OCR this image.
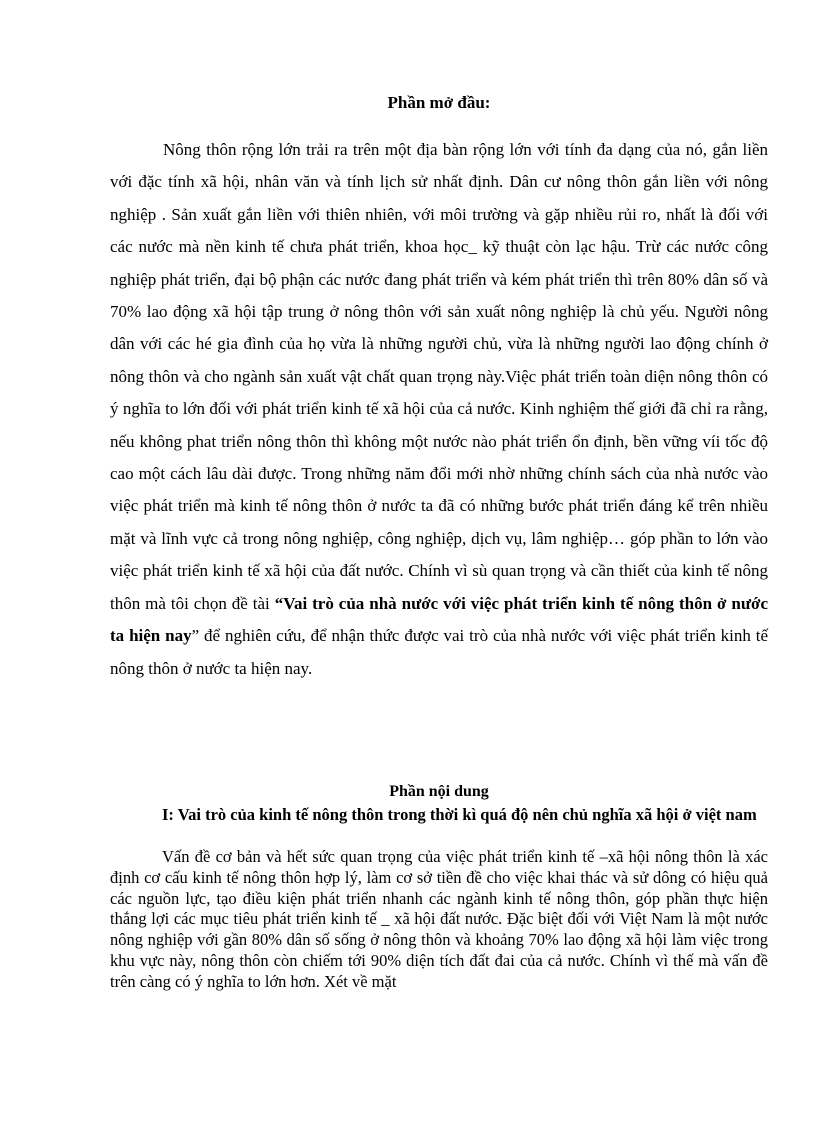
Phần mở đầu:

Nông thôn rộng lớn trải ra trên một địa bàn rộng lớn với tính đa dạng của nó, gắn liền với đặc tính xã hội, nhân văn và tính lịch sử nhất định. Dân cư nông thôn gắn liền với nông nghiệp . Sản xuất gắn liền với thiên nhiên, với môi trường và gặp nhiều rủi ro, nhất là đối với các nước mà nền kinh tế chưa phát triển, khoa học_ kỹ thuật còn lạc hậu. Trừ các nước công nghiệp phát triển, đại bộ phận các nước đang phát triển và kém phát triển thì trên 80% dân số và 70% lao động xã hội tập trung ở nông thôn với sản xuất nông nghiệp là chủ yếu. Người nông dân với các hé gia đình của họ vừa là những người chủ, vừa là những người lao động chính ở nông thôn và cho ngành sản xuất vật chất quan trọng này.Việc phát triển toàn diện nông thôn có ý nghĩa to lớn đối với phát triển kinh tế xã hội của cả nước. Kinh nghiệm thế giới đã chỉ ra rằng, nếu không phat triển nông thôn thì không một nước nào phát triển ổn định, bền vững víi tốc độ cao một cách lâu dài được. Trong những năm đổi mới nhờ những chính sách của nhà nước vào việc phát triển mà kinh tế nông thôn ở nước ta đã có những bước phát triển đáng kể trên nhiều mặt và lĩnh vực cả trong nông nghiệp, công nghiệp, dịch vụ, lâm nghiệp… góp phần to lớn vào việc phát triển kinh tế xã hội của đất nước. Chính vì sù quan trọng và cần thiết của kinh tế nông thôn mà tôi chọn đề tài “Vai trò của nhà nước với việc phát triển kinh tế nông thôn ở nước ta hiện nay” để nghiên cứu, để nhận thức được vai trò của nhà nước với việc phát triển kinh tế nông thôn ở nước ta hiện nay.

Phần nội dung
I: Vai trò của kinh tế nông thôn trong thời kì quá độ nên chủ nghĩa xã hội ở việt nam

Vấn đề cơ bản và hết sức quan trọng của việc phát triển kinh tế –xã hội nông thôn là xác định cơ cấu kinh tế nông thôn hợp lý, làm cơ sở tiền đề cho việc khai thác và sử dông có hiệu quả các nguồn lực, tạo điều kiện phát triển nhanh các ngành kinh tế nông thôn, góp phần thực hiện thắng lợi các mục tiêu phát triển kinh tế _ xã hội đất nước. Đặc biệt đối với Việt Nam là một nước nông nghiệp với gần 80% dân số sống ở nông thôn và khoảng 70% lao động xã hội làm việc trong khu vực này, nông thôn còn chiếm tới 90% diện tích đất đai của cả nước. Chính vì thế mà vấn đề trên càng có ý nghĩa to lớn hơn. Xét về mặt
